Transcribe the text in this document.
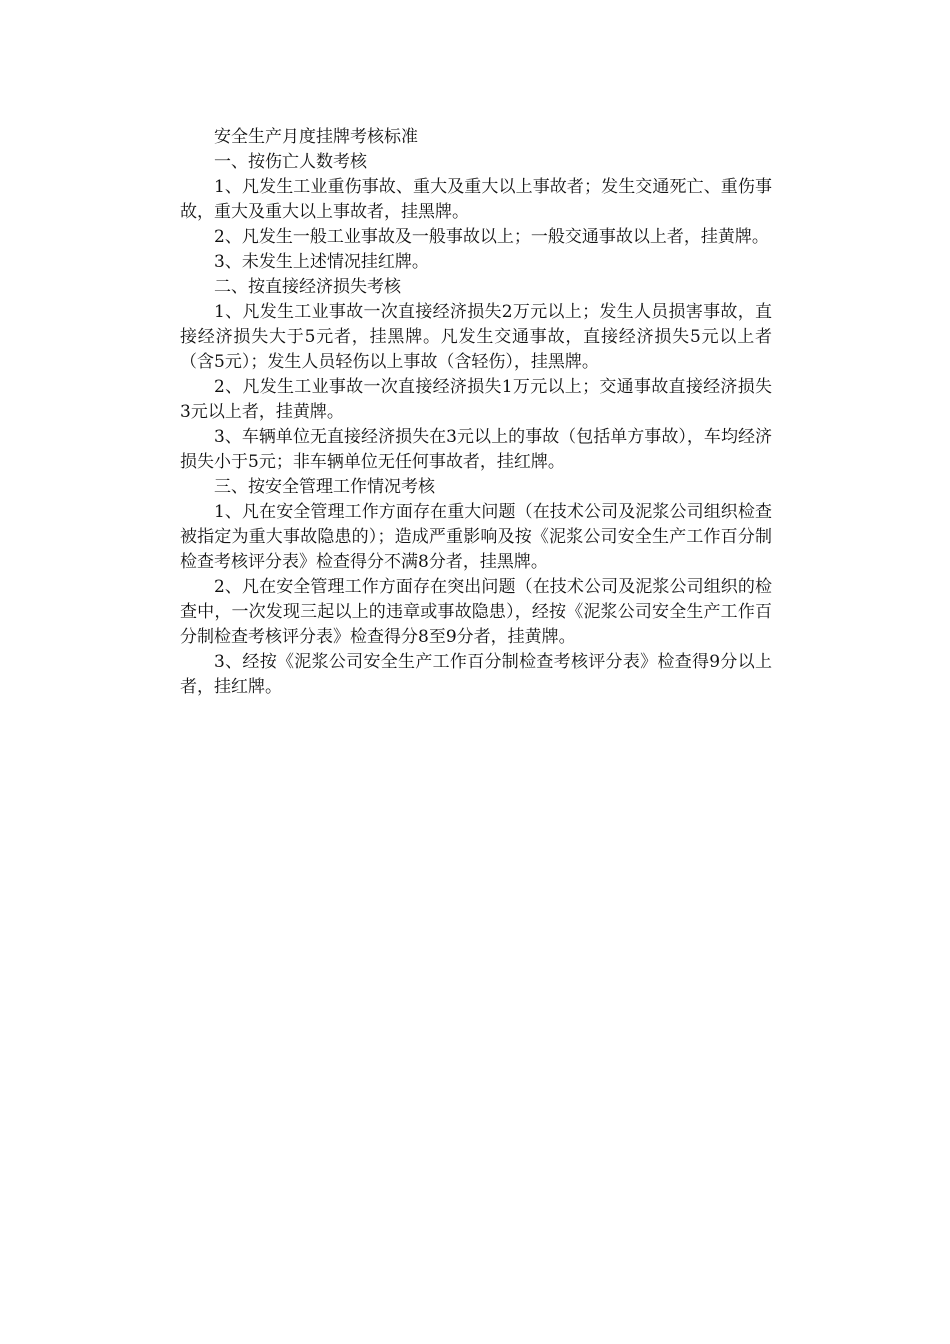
安全生产月度挂牌考核标准

一、按伤亡人数考核

1、凡发生工业重伤事故、重大及重大以上事故者；发生交通死亡、重伤事故，重大及重大以上事故者，挂黑牌。

2、凡发生一般工业事故及一般事故以上；一般交通事故以上者，挂黄牌。

3、未发生上述情况挂红牌。

二、按直接经济损失考核

1、凡发生工业事故一次直接经济损失2万元以上；发生人员损害事故，直接经济损失大于5元者，挂黑牌。凡发生交通事故，直接经济损失5元以上者（含5元）；发生人员轻伤以上事故（含轻伤），挂黑牌。

2、凡发生工业事故一次直接经济损失1万元以上；交通事故直接经济损失3元以上者，挂黄牌。

3、车辆单位无直接经济损失在3元以上的事故（包括单方事故），车均经济损失小于5元；非车辆单位无任何事故者，挂红牌。

三、按安全管理工作情况考核

1、凡在安全管理工作方面存在重大问题（在技术公司及泥浆公司组织检查被指定为重大事故隐患的）；造成严重影响及按《泥浆公司安全生产工作百分制检查考核评分表》检查得分不满8分者，挂黑牌。

2、凡在安全管理工作方面存在突出问题（在技术公司及泥浆公司组织的检查中，一次发现三起以上的违章或事故隐患），经按《泥浆公司安全生产工作百分制检查考核评分表》检查得分8至9分者，挂黄牌。

3、经按《泥浆公司安全生产工作百分制检查考核评分表》检查得9分以上者，挂红牌。
